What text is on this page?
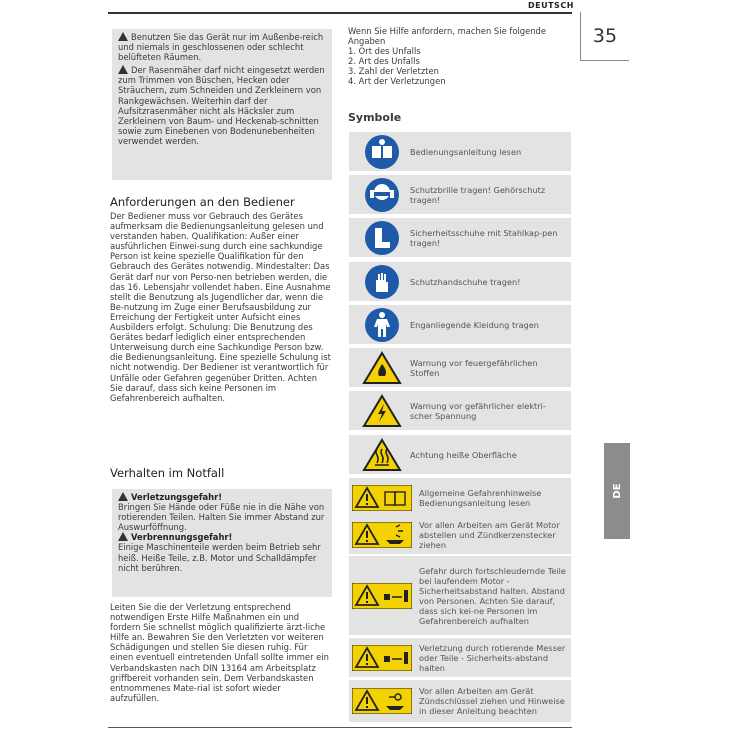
DEUTSCH
35
DE

Benutzen Sie das Gerät nur im Außenbe-reich und niemals in geschlossenen oder schlecht belüfteten Räumen.

Der Rasenmäher darf nicht eingesetzt werden zum Trimmen von Büschen, Hecken oder Sträuchern, zum Schneiden und Zerkleinern von Rankgewächsen. Weiterhin darf der Aufsitzrasenmäher nicht als Häcksler zum Zerkleinern von Baum- und Heckenab-schnitten sowie zum Einebenen von Bodenunebenheiten verwendet werden.

Anforderungen an den Bediener
Der Bediener muss vor Gebrauch des Gerätes aufmerksam die Bedienungsanleitung gelesen und verstanden haben. Qualifikation: Außer einer ausführlichen Einwei-sung durch eine sachkundige Person ist keine spezielle Qualifikation für den Gebrauch des Gerätes notwendig. Mindestalter: Das Gerät darf nur von Perso-nen betrieben werden, die das 16. Lebensjahr vollendet haben. Eine Ausnahme stellt die Benutzung als Jugendlicher dar, wenn die Be-nutzung im Zuge einer Berufsausbildung zur Erreichung der Fertigkeit unter Aufsicht eines Ausbilders erfolgt. Schulung: Die Benutzung des Gerätes bedarf lediglich einer entsprechenden Unterweisung durch eine Sachkundige Person bzw. die Bedienungsanleitung. Eine spezielle Schulung ist nicht notwendig. Der Bediener ist verantwortlich für Unfälle oder Gefahren gegenüber Dritten. Achten Sie darauf, dass sich keine Personen im Gefahrenbereich aufhalten.
Verhalten im Notfall

Verletzungsgefahr!

Bringen Sie Hände oder Füße nie in die Nähe von rotierenden Teilen. Halten Sie immer Abstand zur Auswurföffnung.

Verbrennungsgefahr!

Einige Maschinenteile werden beim Betrieb sehr heiß. Heiße Teile, z.B. Motor und Schalldämpfer nicht berühren.

Leiten Sie die der Verletzung entsprechend notwendigen Erste Hilfe Maßnahmen ein und fordern Sie schnellst möglich qualifizierte ärzt-liche Hilfe an. Bewahren Sie den Verletzten vor weiteren Schädigungen und stellen Sie diesen ruhig. Für einen eventuell eintretenden Unfall sollte immer ein Verbandskasten nach DIN 13164 am Arbeitsplatz griffbereit vorhanden sein. Dem Verbandskasten entnommenes Mate-rial ist sofort wieder aufzufüllen.
Wenn Sie Hilfe anfordern, machen Sie folgende Angaben
1. Ort des Unfalls
2. Art des Unfalls
3. Zahl der Verletzten
4. Art der Verletzungen
Symbole
Bedienungsanleitung lesen
Schutzbrille tragen! Gehörschutz tragen!
Sicherheitsschuhe mit Stahlkap-pen tragen!
Schutzhandschuhe tragen!
Enganliegende Kleidung tragen
Warnung vor feuergefährlichen Stoffen
Warnung vor gefährlicher elektri-scher Spannung
Achtung heiße Oberfläche
Allgemeine Gefahrenhinweise Bedienungsanleitung lesen
Vor allen Arbeiten am Gerät Motor abstellen und Zündkerzenstecker ziehen
Gefahr durch fortschleudernde Teile bei laufendem Motor - Sicherheitsabstand halten. Abstand von Personen. Achten Sie darauf, dass sich kei-ne Personen im Gefahrenbereich aufhalten
Verletzung durch rotierende Messer oder Teile - Sicherheits-abstand halten
Vor allen Arbeiten am Gerät Zündschlüssel ziehen und Hinweise in dieser Anleitung beachten
